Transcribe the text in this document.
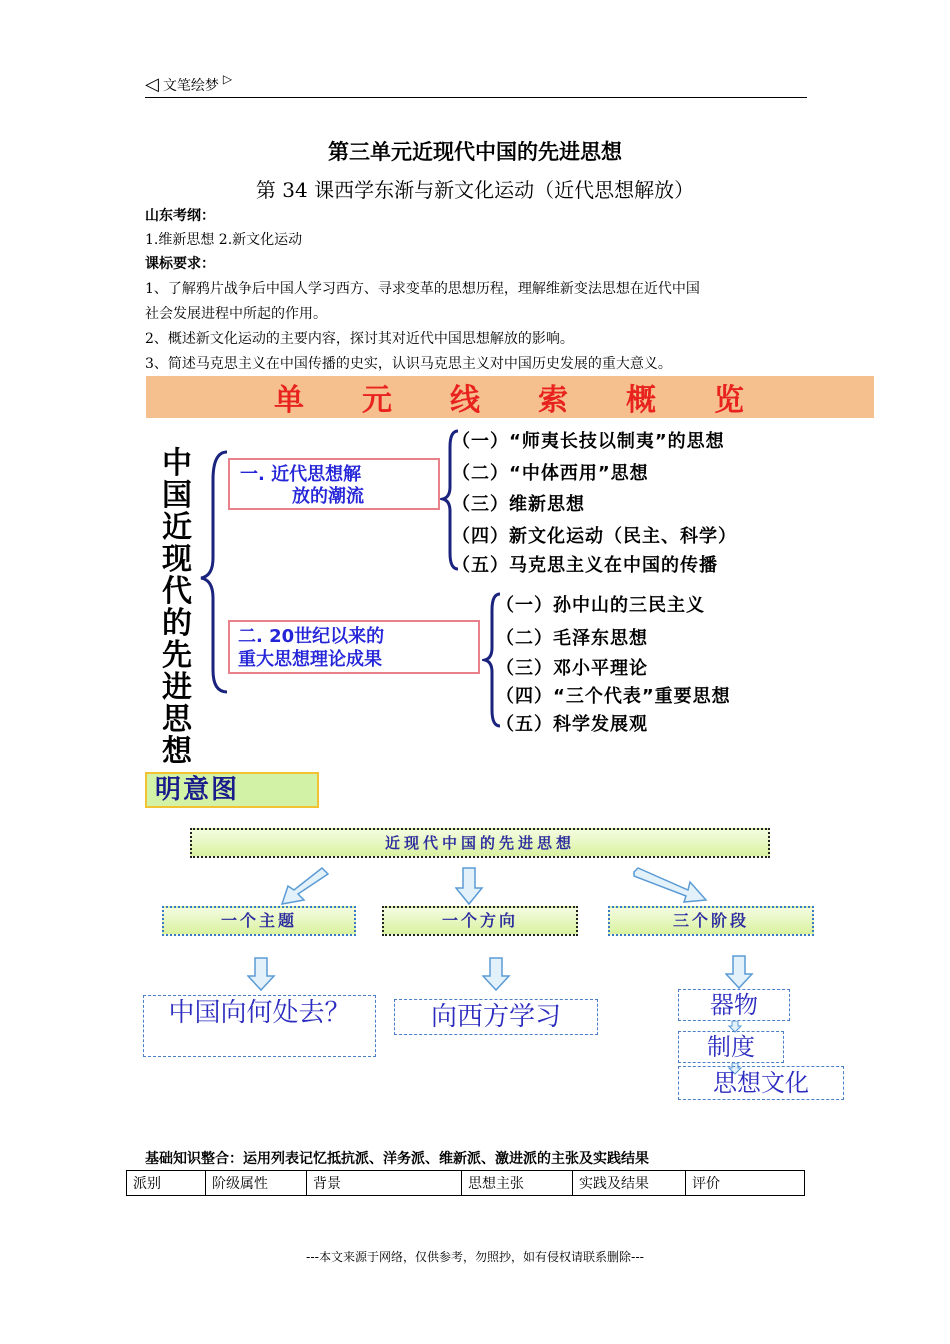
◁ 文笔绘梦 ▷
第三单元近现代中国的先进思想
第 34 课西学东渐与新文化运动（近代思想解放）
山东考纲：
1.维新思想 2.新文化运动
课标要求：
1、了解鸦片战争后中国人学习西方、寻求变革的思想历程，理解维新变法思想在近代中国
社会发展进程中所起的作用。
2、概述新文化运动的主要内容，探讨其对近代中国思想解放的影响。
3、简述马克思主义在中国传播的史实，认识马克思主义对中国历史发展的重大意义。
单 元 线 索 概 览
中国近现代的先进思想
一. 近代思想解
放的潮流
二. 20世纪以来的
重大思想理论成果
（一）“师夷长技以制夷”的思想
（二）“中体西用”思想
（三）维新思想
（四）新文化运动（民主、科学）
（五）马克思主义在中国的传播
（一）孙中山的三民主义
（二）毛泽东思想
（三）邓小平理论
（四）“三个代表”重要思想
（五）科学发展观
明意图
近现代中国的先进思想
一个主题	一个方向	三个阶段
中国向何处去？	向西方学习	器物
制度
思想文化
基础知识整合：运用列表记忆抵抗派、洋务派、维新派、激进派的主张及实践结果
派别	阶级属性	背景	思想主张	实践及结果	评价
---本文来源于网络，仅供参考，勿照抄，如有侵权请联系删除---
